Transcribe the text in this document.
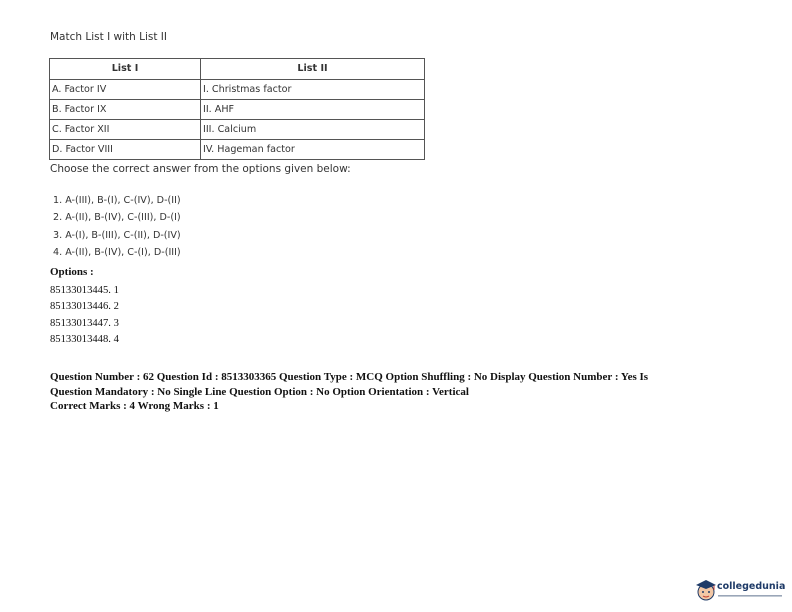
Match List I with List II
List I	List II
A. Factor IV	I. Christmas factor
B. Factor IX	II. AHF
C. Factor XII	III. Calcium
D. Factor VIII	IV. Hageman factor
Choose the correct answer from the options given below:
1. A-(III), B-(I), C-(IV), D-(II)
2. A-(II), B-(IV), C-(III), D-(I)
3. A-(I), B-(III), C-(II), D-(IV)
4. A-(II), B-(IV), C-(I), D-(III)
Options :
85133013445. 1
85133013446. 2
85133013447. 3
85133013448. 4
Question Number : 62 Question Id : 8513303365 Question Type : MCQ Option Shuffling : No Display Question Number : Yes Is
Question Mandatory : No Single Line Question Option : No Option Orientation : Vertical
Correct Marks : 4 Wrong Marks : 1
collegedunia
